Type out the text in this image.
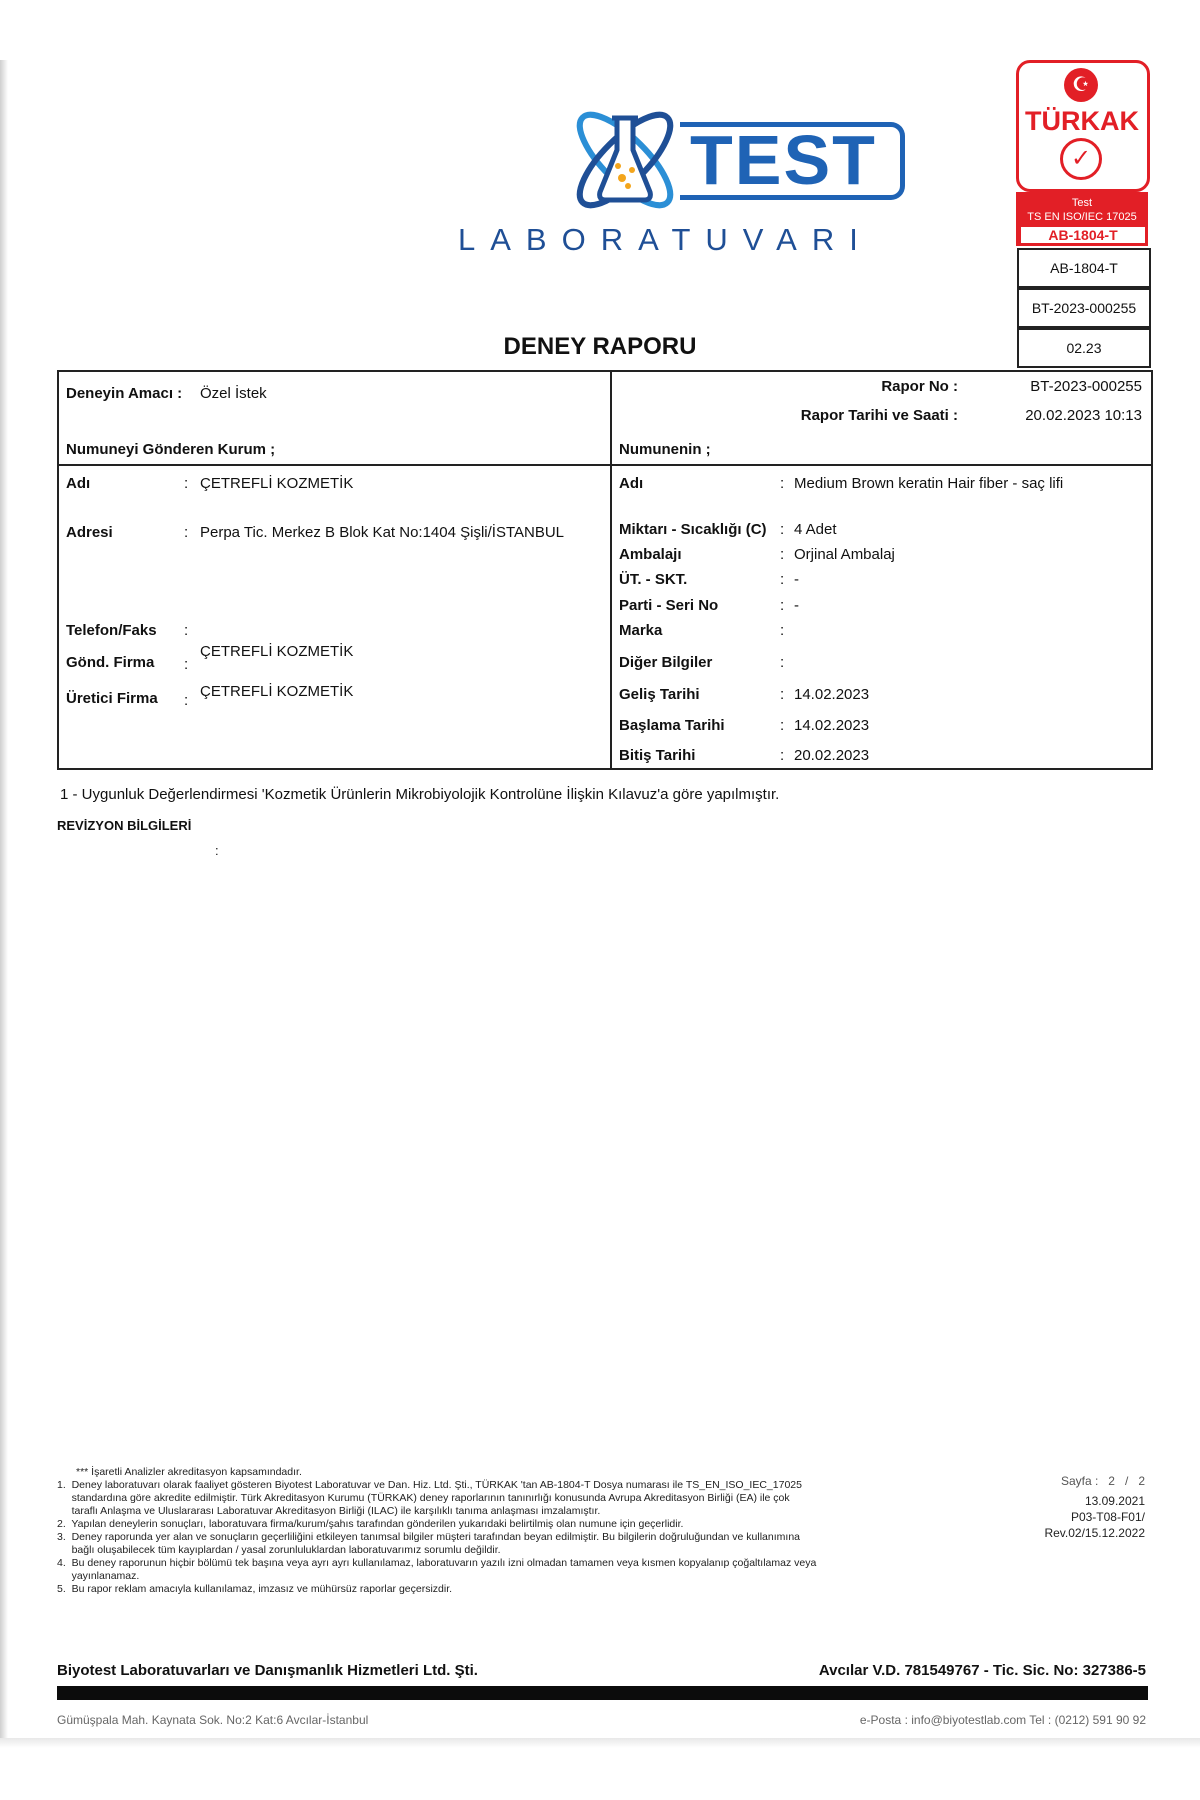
TEST
LABORATUVARI
☪
TÜRKAK
✓
Test
TS EN ISO/IEC 17025
AB-1804-T
AB-1804-T
BT-2023-000255
02.23
DENEY RAPORU
Deneyin Amacı : Özel İstek	Rapor No :	BT-2023-000255
Rapor Tarihi ve Saati :	20.02.2023 10:13
Numuneyi Gönderen Kurum ;	Numunenin ;
Adı	: ÇETREFLİ KOZMETİK
Adresi	: Perpa Tic. Merkez B Blok Kat No:1404 Şişli/İSTANBUL
Telefon/Faks :
Gönd. Firma :
ÇETREFLİ KOZMETİK
Üretici Firma :
ÇETREFLİ KOZMETİK
Adı	: Medium Brown keratin Hair fiber - saç lifi
Miktarı - Sıcaklığı (C) : 4 Adet
Ambalajı	: Orjinal Ambalaj
ÜT. - SKT.	: -
Parti - Seri No	: -
Marka	:
Diğer Bilgiler	:
Geliş Tarihi	: 14.02.2023
Başlama Tarihi	: 14.02.2023
Bitiş Tarihi	: 20.02.2023
1 - Uygunluk Değerlendirmesi 'Kozmetik Ürünlerin Mikrobiyolojik Kontrolüne İlişkin Kılavuz'a göre yapılmıştır.
REVİZYON BİLGİLERİ
:
*** İşaretli Analizler akreditasyon kapsamındadır.
1.  Deney laboratuvarı olarak faaliyet gösteren Biyotest Laboratuvar ve Dan. Hiz. Ltd. Şti., TÜRKAK 'tan AB-1804-T Dosya numarası ile TS_EN_ISO_IEC_17025
standardına göre akredite edilmiştir. Türk Akreditasyon Kurumu (TÜRKAK) deney raporlarının tanınırlığı konusunda Avrupa Akreditasyon Birliği (EA) ile çok
taraflı Anlaşma ve Uluslararası Laboratuvar Akreditasyon Birliği (ILAC) ile karşılıklı tanıma anlaşması imzalamıştır.
2.  Yapılan deneylerin sonuçları, laboratuvara firma/kurum/şahıs tarafından gönderilen yukarıdaki belirtilmiş olan numune için geçerlidir.
3.  Deney raporunda yer alan ve sonuçların geçerliliğini etkileyen tanımsal bilgiler müşteri tarafından beyan edilmiştir. Bu bilgilerin doğruluğundan ve kullanımına
bağlı oluşabilecek tüm kayıplardan / yasal zorunluluklardan laboratuvarımız sorumlu değildir.
4.  Bu deney raporunun hiçbir bölümü tek başına veya ayrı ayrı kullanılamaz, laboratuvarın yazılı izni olmadan tamamen veya kısmen kopyalanıp çoğaltılamaz veya
yayınlanamaz.
5.  Bu rapor reklam amacıyla kullanılamaz, imzasız ve mühürsüz raporlar geçersizdir.
Sayfa :   2   /   2
13.09.2021
P03-T08-F01/
Rev.02/15.12.2022
Biyotest Laboratuvarları ve Danışmanlık Hizmetleri Ltd. Şti.	Avcılar V.D. 781549767 - Tic. Sic. No: 327386-5
Gümüşpala Mah. Kaynata Sok. No:2 Kat:6 Avcılar-İstanbul	e-Posta : info@biyotestlab.com Tel : (0212) 591 90 92
